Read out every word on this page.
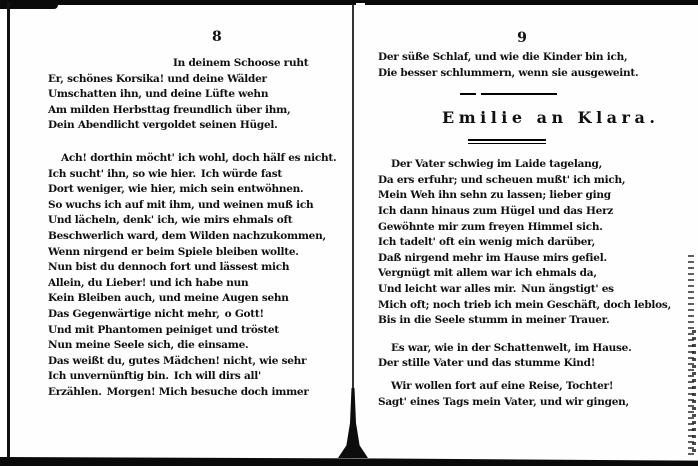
8
In deinem Schoose ruht
Er, schönes Korsika! und deine Wälder
Umschatten ihn, und deine Lüfte wehn
Am milden Herbsttag freundlich über ihm,
Dein Abendlicht vergoldet seinen Hügel.
Ach! dorthin möcht' ich wohl, doch hälf es nicht.
Ich sucht' ihn, so wie hier. Ich würde fast
Dort weniger, wie hier, mich sein entwöhnen.
So wuchs ich auf mit ihm, und weinen muß ich
Und lächeln, denk' ich, wie mirs ehmals oft
Beschwerlich ward, dem Wilden nachzukommen,
Wenn nirgend er beim Spiele bleiben wollte.
Nun bist du dennoch fort und lässest mich
Allein, du Lieber! und ich habe nun
Kein Bleiben auch, und meine Augen sehn
Das Gegenwärtige nicht mehr, o Gott!
Und mit Phantomen peiniget und tröstet
Nun meine Seele sich, die einsame.
Das weißt du, gutes Mädchen! nicht, wie sehr
Ich unvernünftig bin. Ich will dirs all'
Erzählen. Morgen! Mich besuche doch immer
9
Der süße Schlaf, und wie die Kinder bin ich,
Die besser schlummern, wenn sie ausgeweint.
Emilie an Klara.
Der Vater schwieg im Laide tagelang,
Da ers erfuhr; und scheuen mußt' ich mich,
Mein Weh ihn sehn zu lassen; lieber ging
Ich dann hinaus zum Hügel und das Herz
Gewöhnte mir zum freyen Himmel sich.
Ich tadelt' oft ein wenig mich darüber,
Daß nirgend mehr im Hause mirs gefiel.
Vergnügt mit allem war ich ehmals da,
Und leicht war alles mir. Nun ängstigt' es
Mich oft; noch trieb ich mein Geschäft, doch leblos,
Bis in die Seele stumm in meiner Trauer.
Es war, wie in der Schattenwelt, im Hause.
Der stille Vater und das stumme Kind!
Wir wollen fort auf eine Reise, Tochter!
Sagt' eines Tags mein Vater, und wir gingen,
